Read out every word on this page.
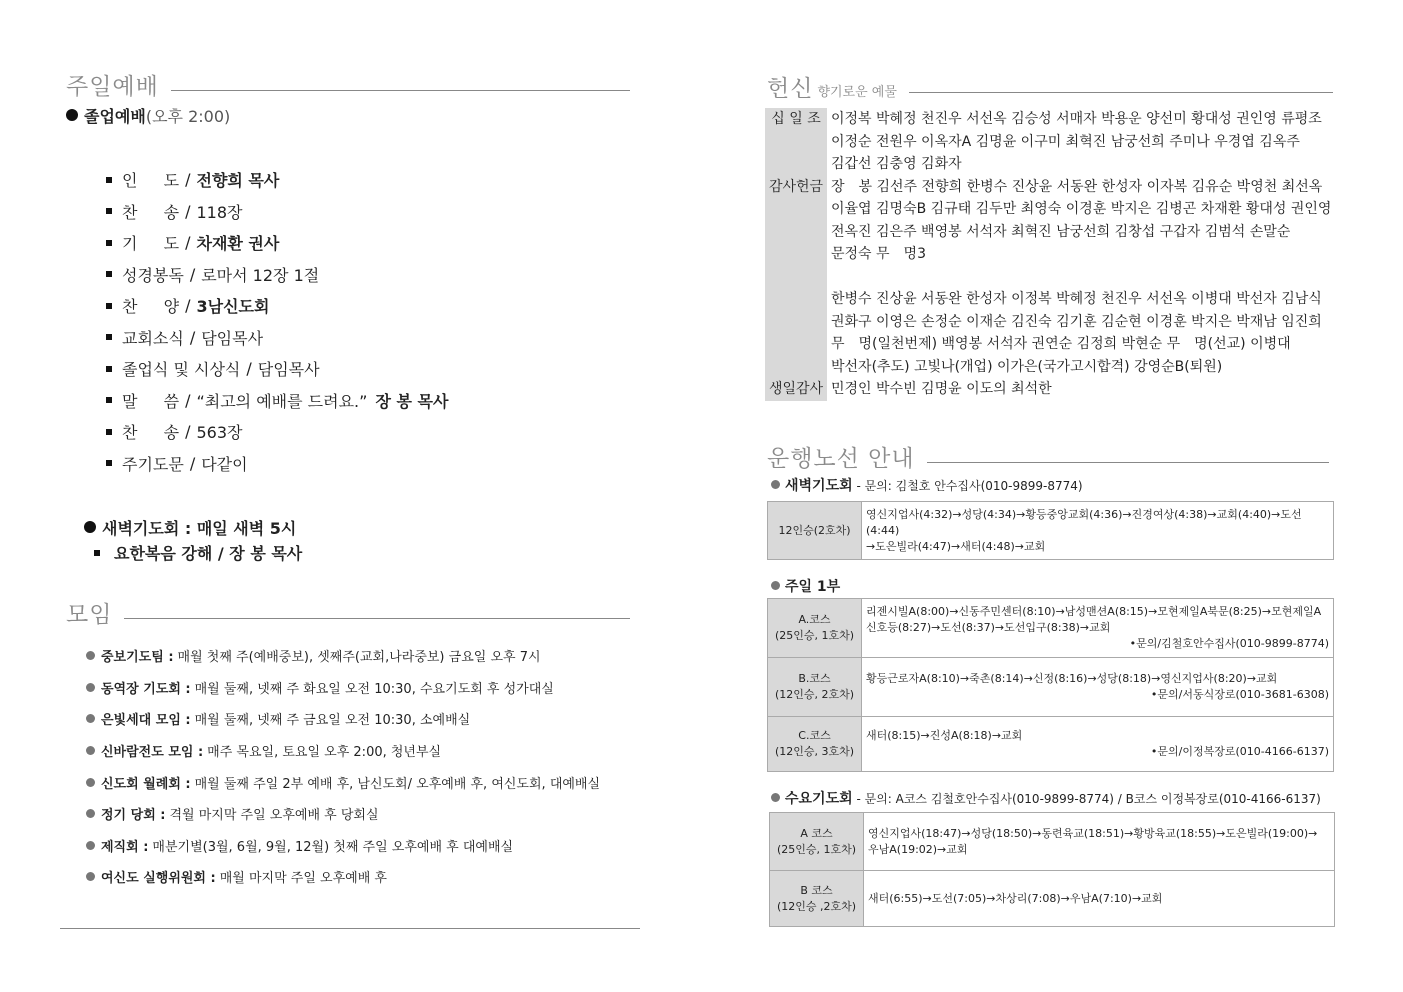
주일예배
졸업예배(오후 2:00)
인 　 도 / 전향희 목사
찬 　 송 / 118장
기 　 도 / 차재환 권사
성경봉독 / 로마서 12장 1절
찬 　 양 / 3남신도회
교회소식 / 담임목사
졸업식 및 시상식 / 담임목사
말 　 씀 / “최고의 예배를 드려요.” 장 봉 목사
찬 　 송 / 563장
주기도문 / 다같이
새벽기도회 : 매일 새벽 5시
요한복음 강해 / 장 봉 목사
모임
중보기도팀 : 매월 첫째 주(예배중보), 셋째주(교회,나라중보) 금요일 오후 7시
동역장 기도회 : 매월 둘째, 넷째 주 화요일 오전 10:30, 수요기도회 후 성가대실
은빛세대 모임 : 매월 둘째, 넷째 주 금요일 오전 10:30, 소예배실
신바람전도 모임 : 매주 목요일, 토요일 오후 2:00, 청년부실
신도회 월례회 : 매월 둘째 주일 2부 예배 후, 남신도회/ 오후예배 후, 여신도회, 대예배실
정기 당회 : 격월 마지막 주일 오후예배 후 당회실
제직회 : 매분기별(3월, 6월, 9월, 12월) 첫째 주일 오후예배 후 대예배실
여신도 실행위원회 : 매월 마지막 주일 오후예배 후
헌신 향기로운 예물
십 일 조 이정복 박혜정 천진우 서선옥 김승성 서매자 박용운 양선미 황대성 권인영 류평조
이정순 전원우 이옥자A 김명윤 이구미 최혁진 남궁선희 주미나 우경엽 김옥주
김갑선 김충영 김화자
감사헌금 장　봉 김선주 전향희 한병수 진상윤 서동완 한성자 이자복 김유순 박영천 최선옥
이율엽 김명숙B 김규태 김두만 최영숙 이경훈 박지은 김병곤 차재환 황대성 권인영
전옥진 김은주 백영봉 서석자 최혁진 남궁선희 김창섭 구갑자 김범석 손말순
문정숙 무　명3

한병수 진상윤 서동완 한성자 이정복 박혜정 천진우 서선옥 이병대 박선자 김남식
권화구 이영은 손정순 이재순 김진숙 김기훈 김순현 이경훈 박지은 박재남 임진희
무　명(일천번제) 백영봉 서석자 권연순 김정희 박현순 무　명(선교) 이병대
박선자(추도) 고빛나(개업) 이가은(국가고시합격) 강영순B(퇴원)
생일감사 민경인 박수빈 김명윤 이도의 최석한
운행노선 안내
새벽기도회 - 문의: 김철호 안수집사(010-9899-8774)
12인승(2호차)	영신지업사(4:32)→성당(4:34)→황등중앙교회(4:36)→진경여상(4:38)→교회(4:40)→도선(4:44)
→도은빌라(4:47)→새터(4:48)→교회
주일 1부
A.코스
(25인승, 1호차)	리젠시빌A(8:00)→신동주민센터(8:10)→남성맨션A(8:15)→모현제일A북문(8:25)→모현제일A
신호등(8:27)→도선(8:37)→도선입구(8:38)→교회
•문의/김철호안수집사(010-9899-8774)

B.코스
(12인승, 2호차)	황등근로자A(8:10)→죽촌(8:14)→신정(8:16)→성당(8:18)→영신지업사(8:20)→교회
•문의/서동식장로(010-3681-6308)

C.코스
(12인승, 3호차)	새터(8:15)→진성A(8:18)→교회
•문의/이정복장로(010-4166-6137)
수요기도회 - 문의: A코스 김철호안수집사(010-9899-8774) / B코스 이정복장로(010-4166-6137)
A 코스
(25인승, 1호차)	영신지업사(18:47)→성당(18:50)→동련육교(18:51)→황방육교(18:55)→도은빌라(19:00)→
우남A(19:02)→교회
B 코스
(12인승 ,2호차)	새터(6:55)→도선(7:05)→차상리(7:08)→우남A(7:10)→교회
